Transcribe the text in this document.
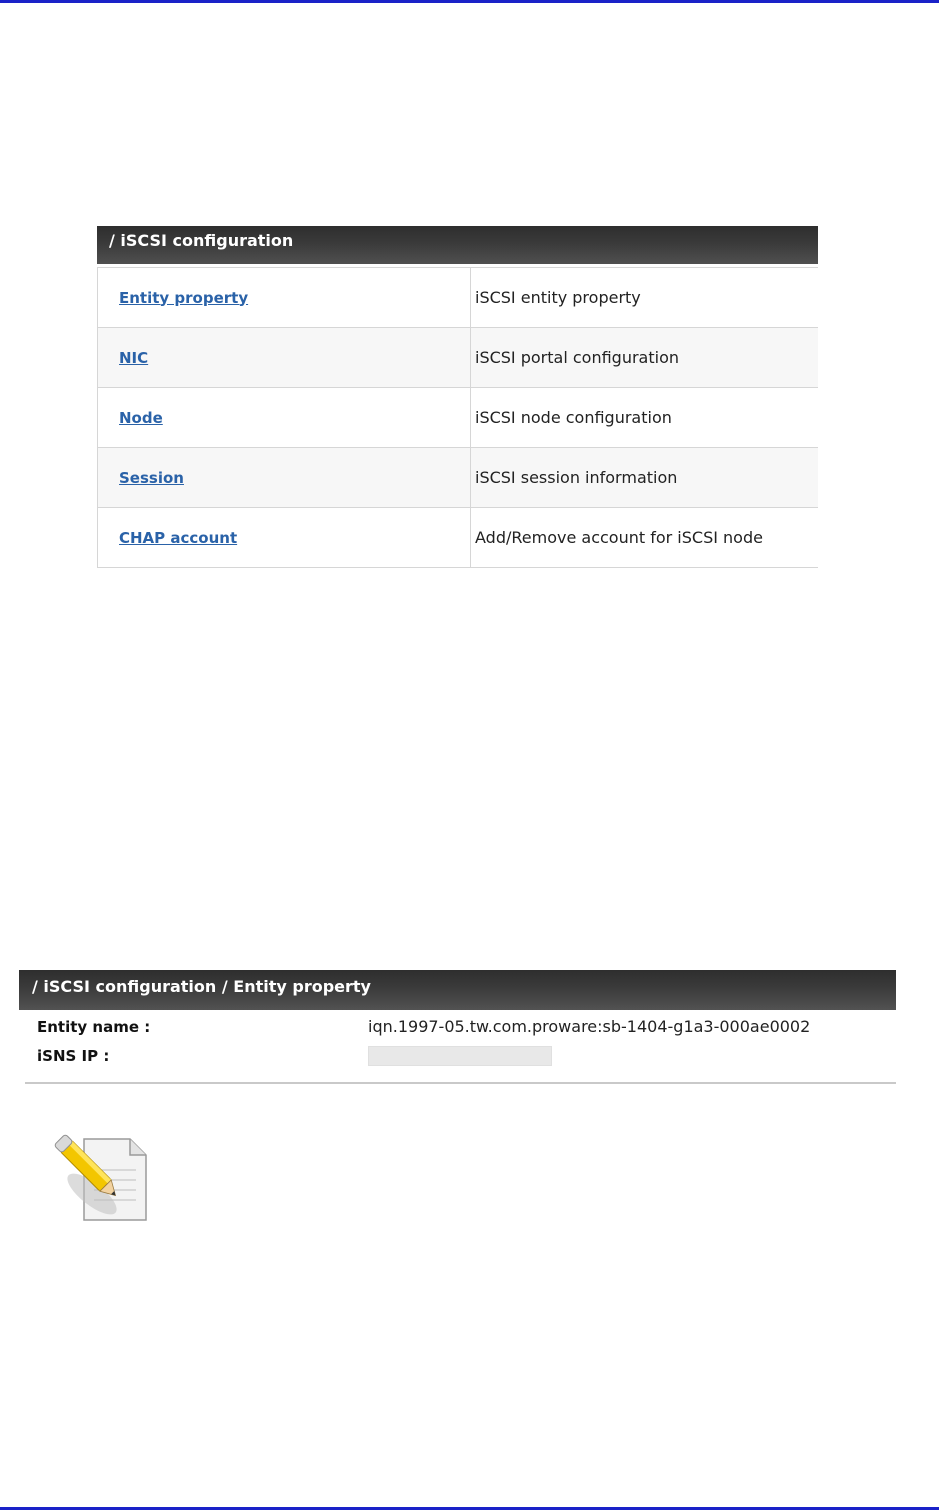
/ iSCSI configuration
Entity property	iSCSI entity property
NIC	iSCSI portal configuration
Node	iSCSI node configuration
Session	iSCSI session information
CHAP account	Add/Remove account for iSCSI node
/ iSCSI configuration / Entity property
Entity name :	iqn.1997-05.tw.com.proware:sb-1404-g1a3-000ae0002
iSNS IP :
